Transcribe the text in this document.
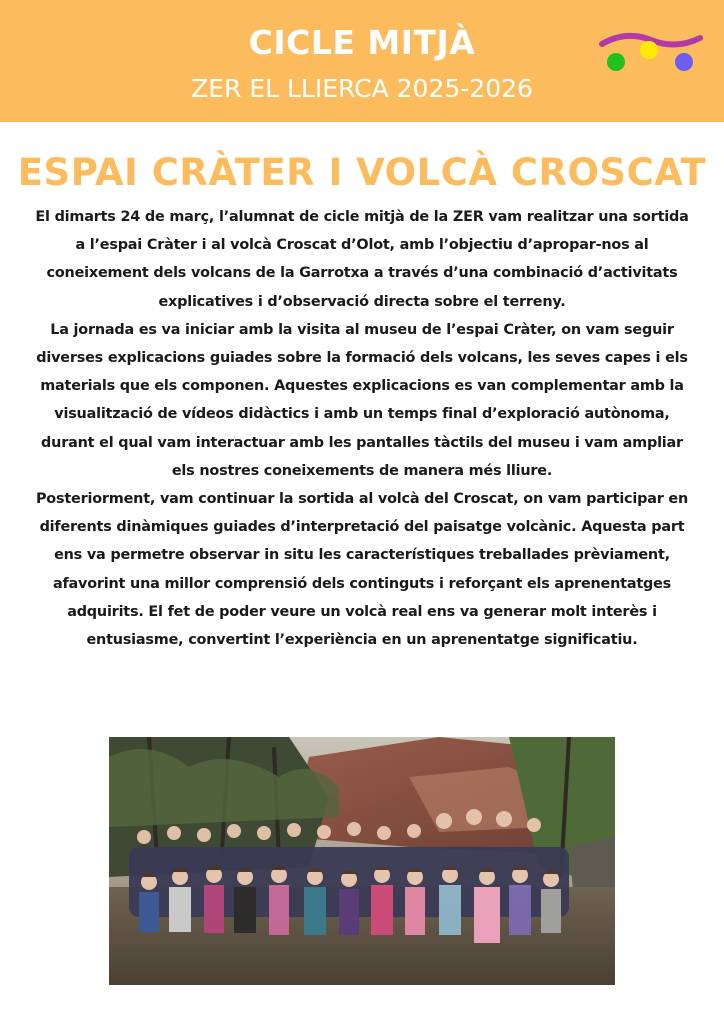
CICLE MITJÀ
ZER EL LLIERCA 2025-2026
ESPAI CRÀTER I VOLCÀ CROSCAT

El dimarts 24 de març, l’alumnat de cicle mitjà de la ZER vam realitzar una sortida a l’espai Cràter i al volcà Croscat d’Olot, amb l’objectiu d’apropar-nos al coneixement dels volcans de la Garrotxa a través d’una combinació d’activitats explicatives i d’observació directa sobre el terreny.

La jornada es va iniciar amb la visita al museu de l’espai Cràter, on vam seguir diverses explicacions guiades sobre la formació dels volcans, les seves capes i els materials que els componen. Aquestes explicacions es van complementar amb la visualització de vídeos didàctics i amb un temps final d’exploració autònoma, durant el qual vam interactuar amb les pantalles tàctils del museu i vam ampliar els nostres coneixements de manera més lliure.

Posteriorment, vam continuar la sortida al volcà del Croscat, on vam participar en diferents dinàmiques guiades d’interpretació del paisatge volcànic. Aquesta part ens va permetre observar in situ les característiques treballades prèviament, afavorint una millor comprensió dels continguts i reforçant els aprenentatges adquirits. El fet de poder veure un volcà real ens va generar molt interès i entusiasme, convertint l’experiència en un aprenentatge significatiu.
